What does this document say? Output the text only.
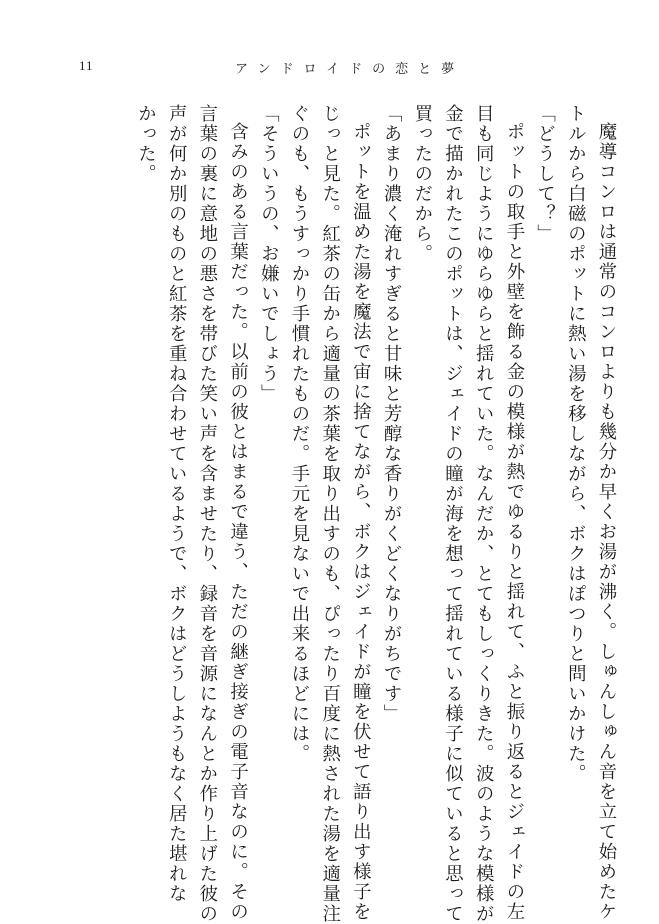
11	アンドロイドの恋と夢

魔導コンロは通常のコンロよりも幾分か早くお湯が沸く。しゅんしゅん音を立て始めたケ

トルから白磁のポットに熱い湯を移しながら、ボクはぽつりと問いかけた。

「どうして？」

ポットの取手と外壁を飾る金の模様が熱でゆるりと揺れて、ふと振り返るとジェイドの左

目も同じようにゆらゆらと揺れていた。なんだか、とてもしっくりきた。波のような模様が

金で描かれたこのポットは、ジェイドの瞳が海を想って揺れている様子に似ていると思って

買ったのだから。

「あまり濃く淹れすぎると甘味と芳醇な香りがくどくなりがちです」

ポットを温めた湯を魔法で宙に捨てながら、ボクはジェイドが瞳を伏せて語り出す様子を

じっと見た。紅茶の缶から適量の茶葉を取り出すのも、ぴったり百度に熱された湯を適量注

ぐのも、もうすっかり手慣れたものだ。手元を見ないで出来るほどには。

「そういうの、お嫌いでしょう」

含みのある言葉だった。以前の彼とはまるで違う、ただの継ぎ接ぎの電子音なのに。その

言葉の裏に意地の悪さを帯びた笑い声を含ませたり、録音を音源になんとか作り上げた彼の

声が何か別のものと紅茶を重ね合わせているようで、ボクはどうしようもなく居た堪れな

かった。
